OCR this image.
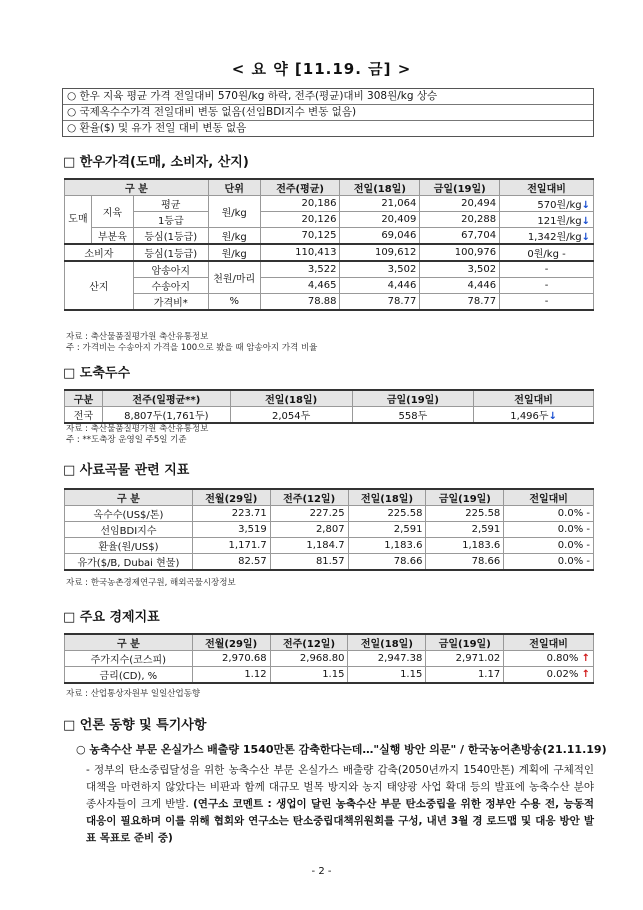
< 요 약 [11.19. 금] >
○ 한우 지육 평균 가격 전일대비 570원/kg 하락, 전주(평균)대비 308원/kg 상승
○ 국제옥수수가격 전일대비 변동 없음(선임BDI지수 변동 없음)
○ 환율($) 및 유가 전일 대비 변동 없음
□ 한우가격(도매, 소비자, 산지)
구 분			단위	전주(평균)	전일(18일)	금일(19일)	전일대비
도매	지육	평균	원/kg	20,186	21,064	20,494	570원/kg↓
		1등급		20,126	20,409	20,288	121원/kg↓
	부분육	등심(1등급)	원/kg	70,125	69,046	67,704	1,342원/kg↓
소비자		등심(1등급)	원/kg	110,413	109,612	100,976	0원/kg -
산지		암송아지	천원/마리	3,522	3,502	3,502	-
		수송아지		4,465	4,446	4,446	-
		가격비*	%	78.88	78.77	78.77	-
자료 : 축산물품질평가원 축산유통정보
주 : 가격비는 수송아지 가격을 100으로 봤을 때 암송아지 가격 비율
□ 도축두수
구분	전주(일평균**)	전일(18일)	금일(19일)	전일대비
전국	8,807두(1,761두)	2,054두	558두	1,496두↓
자료 : 축산물품질평가원 축산유통정보
주 : **도축장 운영일 주5일 기준
□ 사료곡물 관련 지표
구 분	전월(29일)	전주(12일)	전일(18일)	금일(19일)	전일대비
옥수수(US$/톤)	223.71	227.25	225.58	225.58	0.0% -
선임BDI지수	3,519	2,807	2,591	2,591	0.0% -
환율(원/US$)	1,171.7	1,184.7	1,183.6	1,183.6	0.0% -
유가($/B, Dubai 현물)	82.57	81.57	78.66	78.66	0.0% -
자료 : 한국농촌경제연구원, 해외곡물시장정보
□ 주요 경제지표
구 분	전월(29일)	전주(12일)	전일(18일)	금일(19일)	전일대비
주가지수(코스피)	2,970.68	2,968.80	2,947.38	2,971.02	0.80% ↑
금리(CD), %	1.12	1.15	1.15	1.17	0.02% ↑
자료 : 산업통상자원부 일일산업동향
□ 언론 동향 및 특기사항
○ 농축수산 부문 온실가스 배출량 1540만톤 감축한다는데…"실행 방안 의문" / 한국농어촌방송(21.11.19)
- 정부의 탄소중립달성을 위한 농축수산 부문 온실가스 배출량 감축(2050년까지 1540만톤) 계획에 구체적인 대책을 마련하지 않았다는 비판과 함께 대규모 벌목 방지와 농지 태양광 사업 확대 등의 발표에 농축수산 분야 종사자들이 크게 반발. (연구소 코멘트 : 생업이 달린 농축수산 부문 탄소중립을 위한 정부안 수용 전, 능동적 대응이 필요하며 이를 위해 협회와 연구소는 탄소중립대책위원회를 구성, 내년 3월 경 로드맵 및 대응 방안 발표 목표로 준비 중)
- 2 -
